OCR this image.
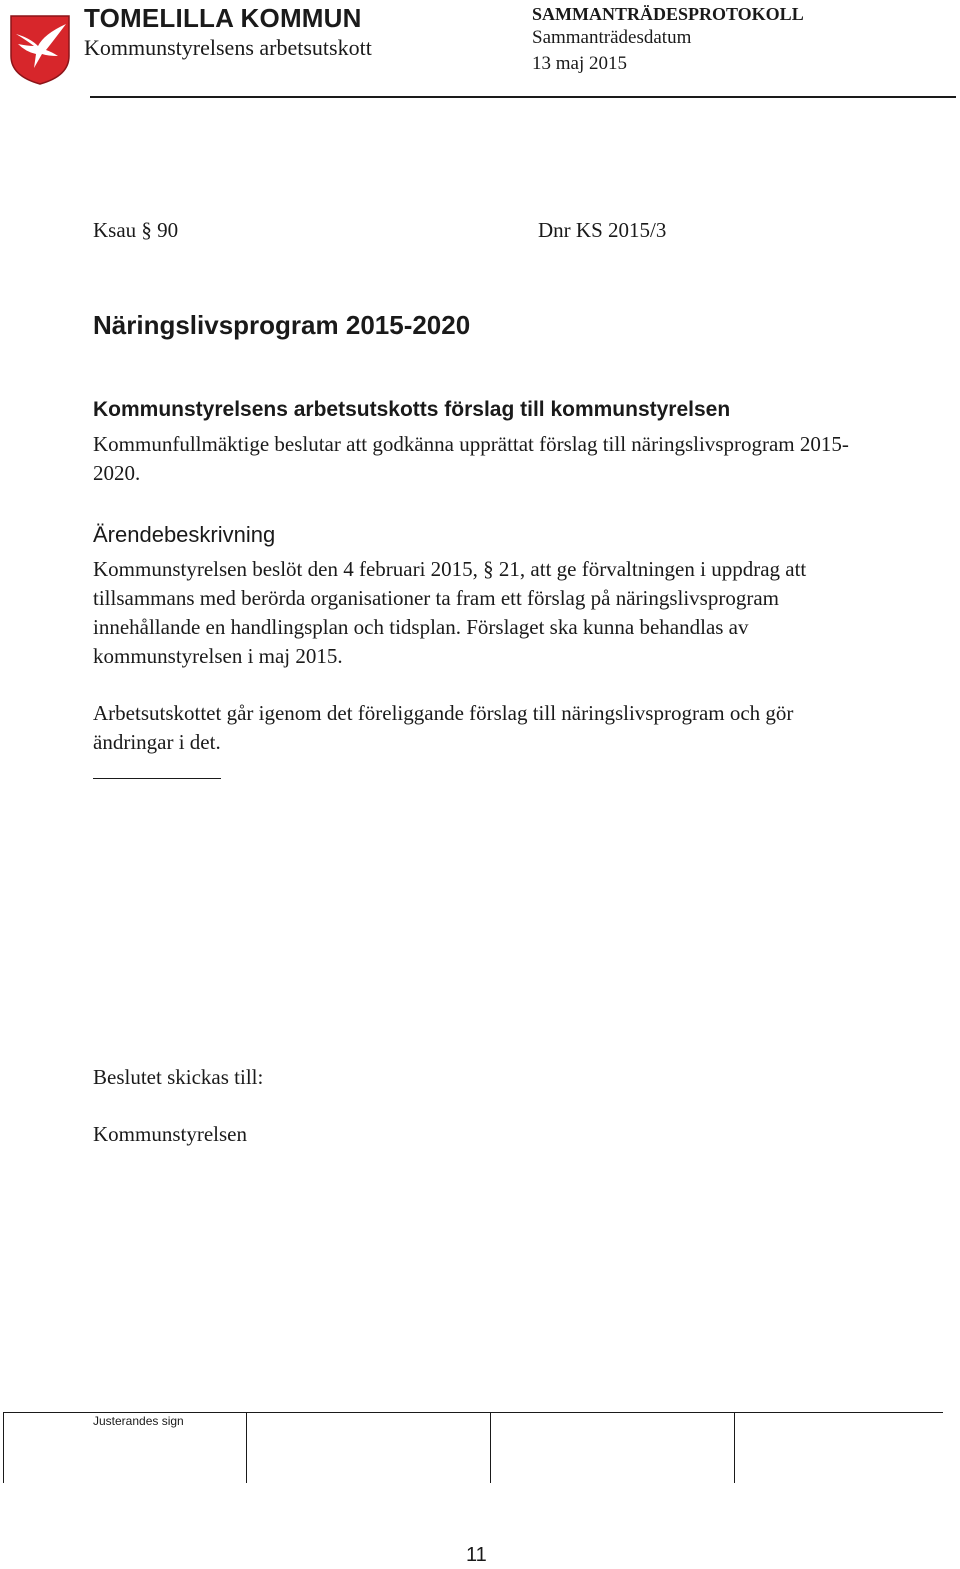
TOMELILLA KOMMUN
Kommunstyrelsens arbetsutskott
SAMMANTRÄDESPROTOKOLL
Sammanträdesdatum
13 maj 2015
Ksau § 90	Dnr KS 2015/3
Näringslivsprogram 2015-2020
Kommunstyrelsens arbetsutskotts förslag till kommunstyrelsen
Kommunfullmäktige beslutar att godkänna upprättat förslag till näringslivsprogram 2015-2020.
Ärendebeskrivning
Kommunstyrelsen beslöt den 4 februari 2015, § 21, att ge förvaltningen i uppdrag att tillsammans med berörda organisationer ta fram ett förslag på näringslivsprogram innehållande en handlingsplan och tidsplan. Förslaget ska kunna behandlas av kommunstyrelsen i maj 2015.
Arbetsutskottet går igenom det föreliggande förslag till näringslivsprogram och gör ändringar i det.
Beslutet skickas till:
Kommunstyrelsen
Justerandes sign
11
